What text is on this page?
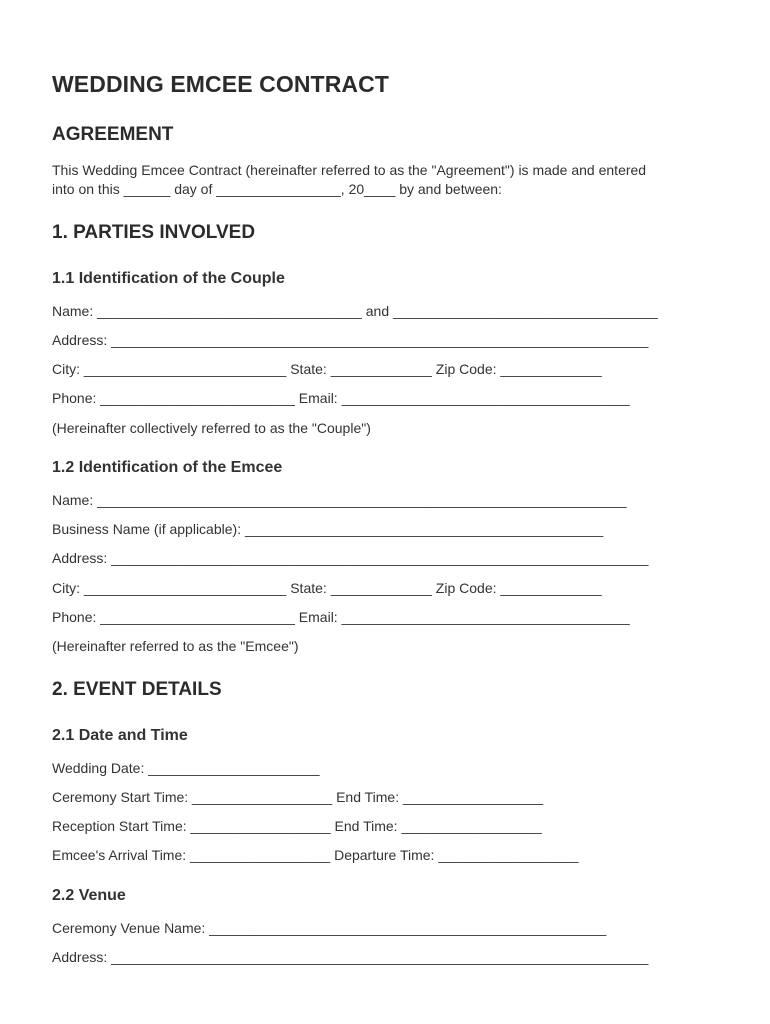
WEDDING EMCEE CONTRACT
AGREEMENT

This Wedding Emcee Contract (hereinafter referred to as the "Agreement") is made and entered

into on this ______ day of ________________, 20____ by and between:

1. PARTIES INVOLVED
1.1 Identification of the Couple

Name: __________________________________ and __________________________________

Address: _____________________________________________________________________

City: __________________________ State: _____________ Zip Code: _____________

Phone: _________________________ Email: _____________________________________

(Hereinafter collectively referred to as the "Couple")

1.2 Identification of the Emcee

Name: ____________________________________________________________________

Business Name (if applicable): ______________________________________________

Address: _____________________________________________________________________

City: __________________________ State: _____________ Zip Code: _____________

Phone: _________________________ Email: _____________________________________

(Hereinafter referred to as the "Emcee")

2. EVENT DETAILS
2.1 Date and Time

Wedding Date: ______________________

Ceremony Start Time: __________________ End Time: __________________

Reception Start Time: __________________ End Time: __________________

Emcee's Arrival Time: __________________ Departure Time: __________________

2.2 Venue

Ceremony Venue Name: ___________________________________________________

Address: _____________________________________________________________________
